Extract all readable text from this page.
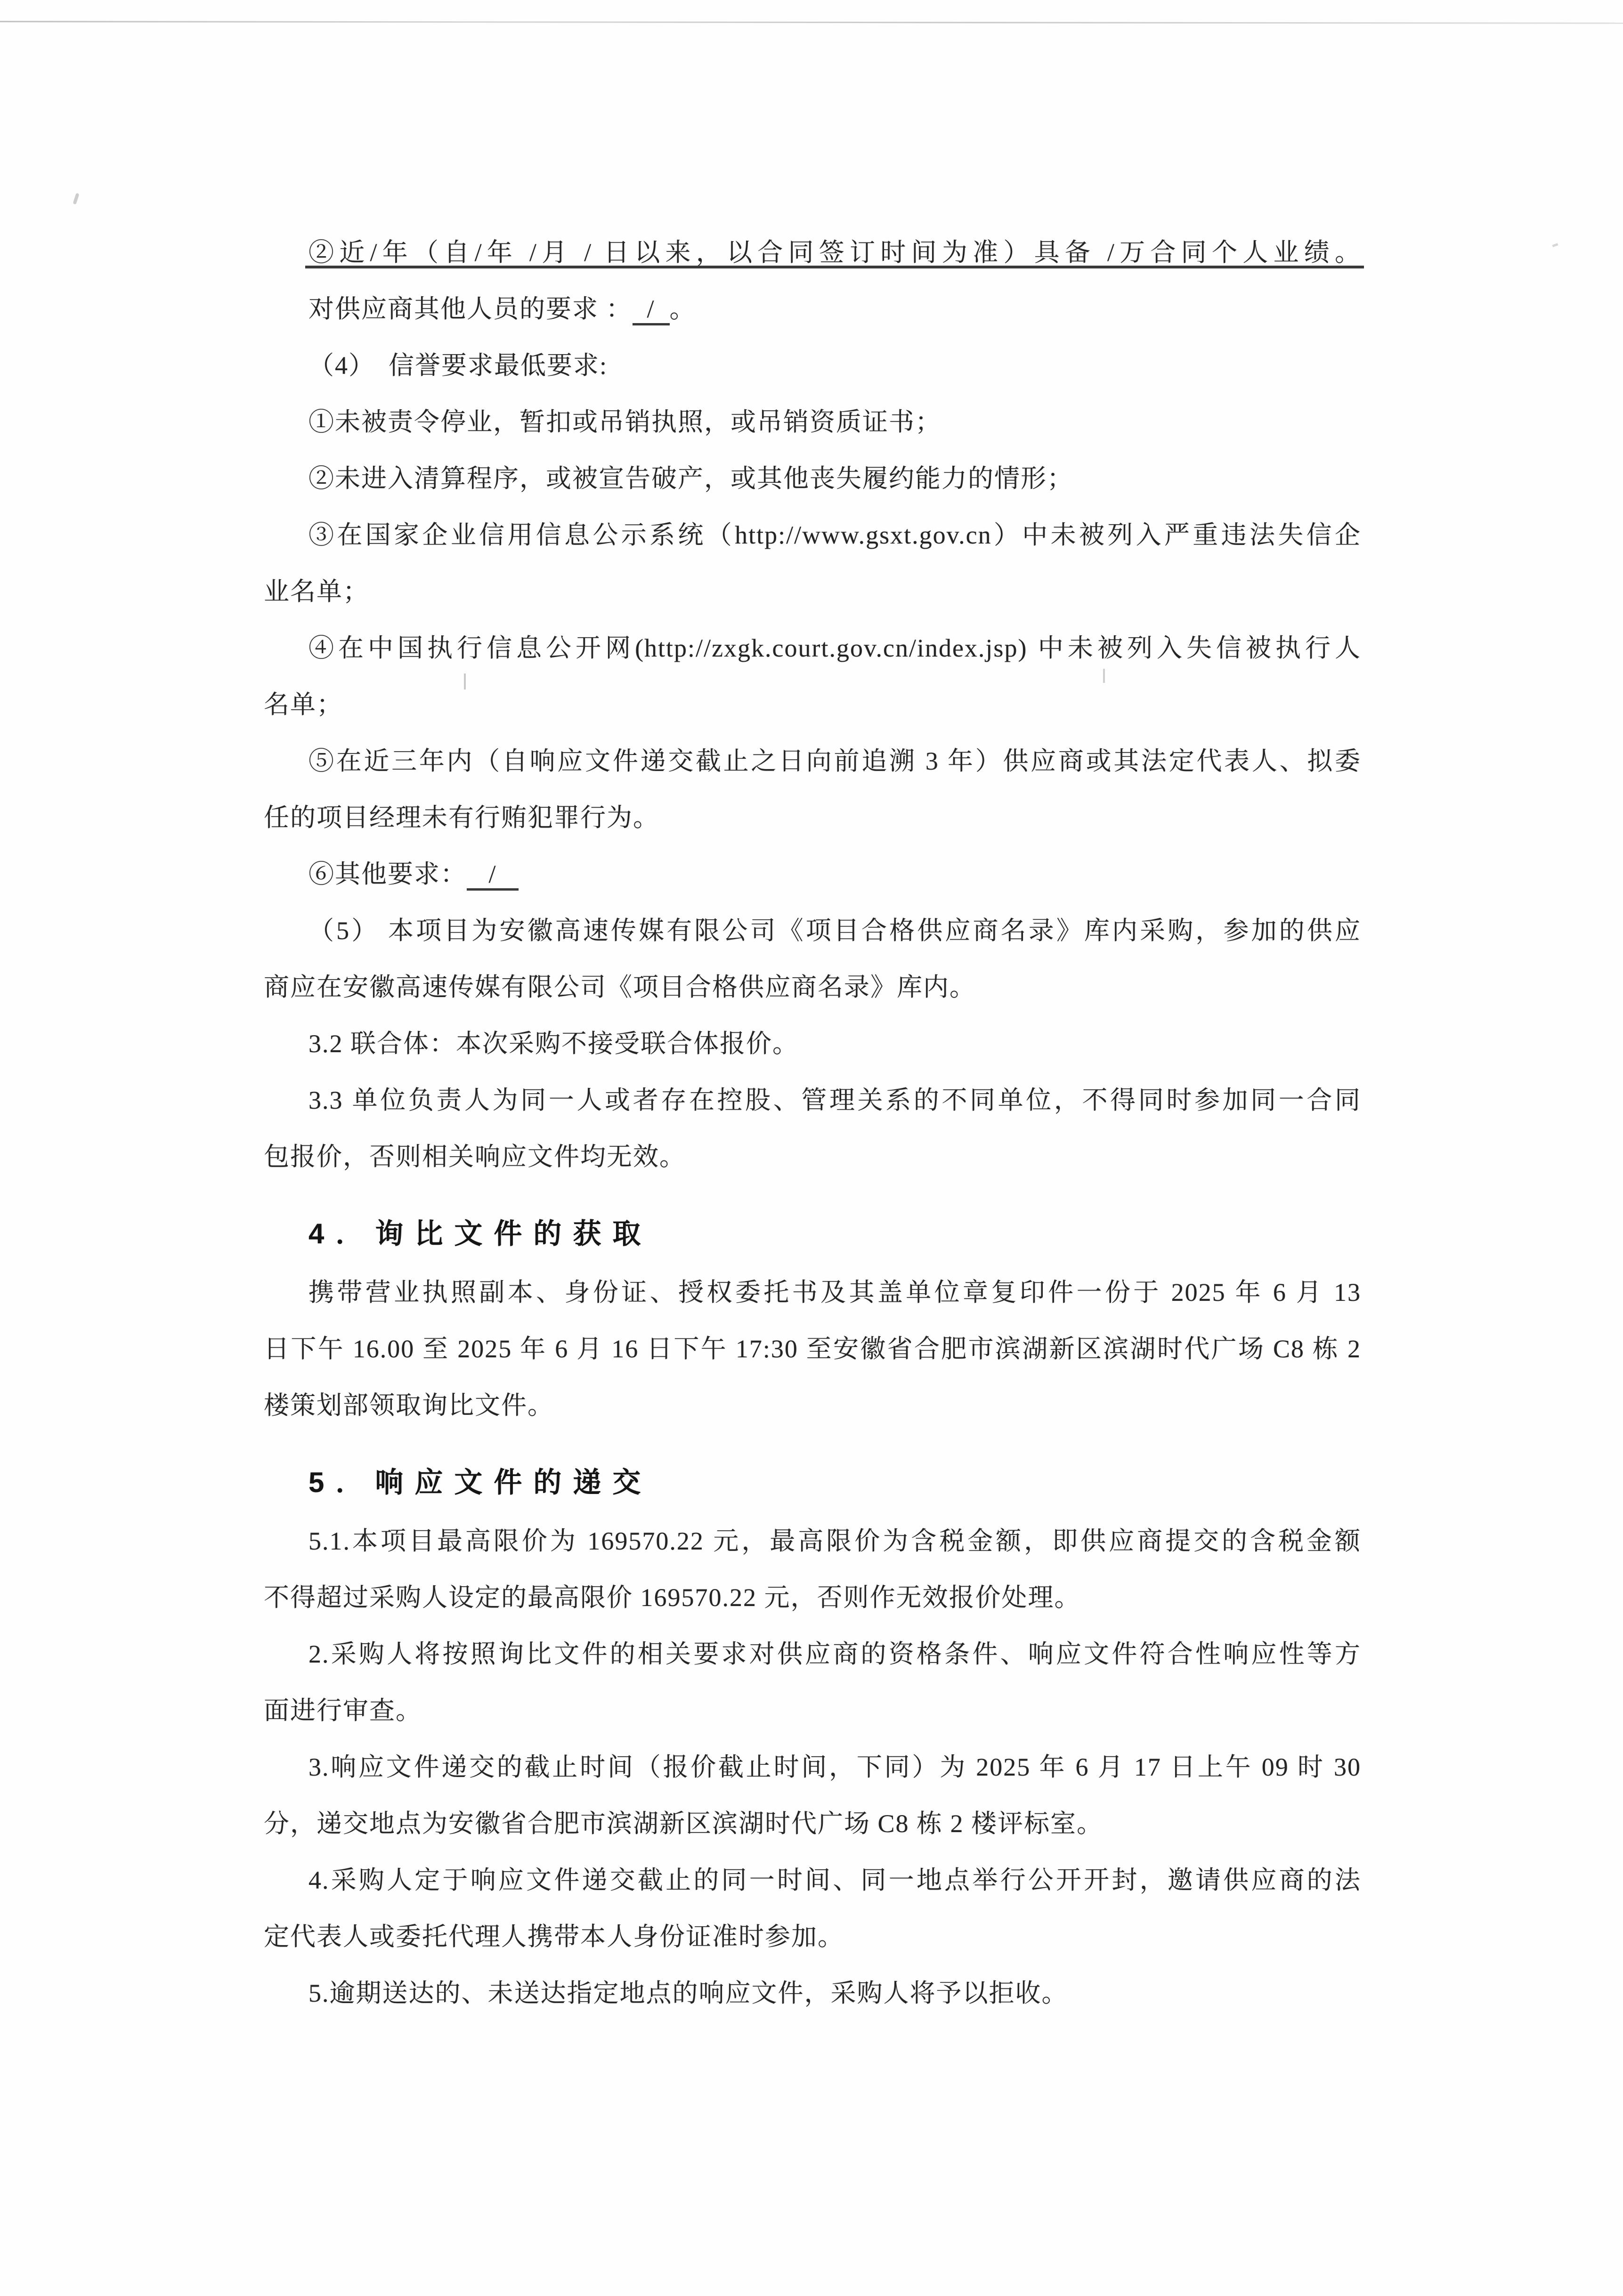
②近/年（自/年 /月 / 日以来，以合同签订时间为准）具备 /万合同个人业绩。
对供应商其他人员的要求 ：  /  。
（4）　信誉要求最低要求:
①未被责令停业，暂扣或吊销执照，或吊销资质证书；
②未进入清算程序，或被宣告破产，或其他丧失履约能力的情形；
③在国家企业信用信息公示系统（http://www.gsxt.gov.cn）中未被列入严重违法失信企
业名单；
④在中国执行信息公开网(http://zxgk.court.gov.cn/index.jsp) 中未被列入失信被执行人
名单；
⑤在近三年内（自响应文件递交截止之日向前追溯 3 年）供应商或其法定代表人、拟委
任的项目经理未有行贿犯罪行为。
⑥其他要求：   /
（5） 本项目为安徽高速传媒有限公司《项目合格供应商名录》库内采购，参加的供应
商应在安徽高速传媒有限公司《项目合格供应商名录》库内。
3.2 联合体：本次采购不接受联合体报价。
3.3 单位负责人为同一人或者存在控股、管理关系的不同单位，不得同时参加同一合同
包报价，否则相关响应文件均无效。
4．询比文件的获取
携带营业执照副本、身份证、授权委托书及其盖单位章复印件一份于 2025 年 6 月 13
日下午 16.00 至 2025 年 6 月 16 日下午 17:30 至安徽省合肥市滨湖新区滨湖时代广场 C8 栋 2
楼策划部领取询比文件。
5．响应文件的递交
5.1.本项目最高限价为 169570.22 元，最高限价为含税金额，即供应商提交的含税金额
不得超过采购人设定的最高限价 169570.22 元，否则作无效报价处理。
2.采购人将按照询比文件的相关要求对供应商的资格条件、响应文件符合性响应性等方
面进行审查。
3.响应文件递交的截止时间（报价截止时间，下同）为 2025 年 6 月 17 日上午 09 时 30
分，递交地点为安徽省合肥市滨湖新区滨湖时代广场 C8 栋 2 楼评标室。
4.采购人定于响应文件递交截止的同一时间、同一地点举行公开开封，邀请供应商的法
定代表人或委托代理人携带本人身份证准时参加。
5.逾期送达的、未送达指定地点的响应文件，采购人将予以拒收。
